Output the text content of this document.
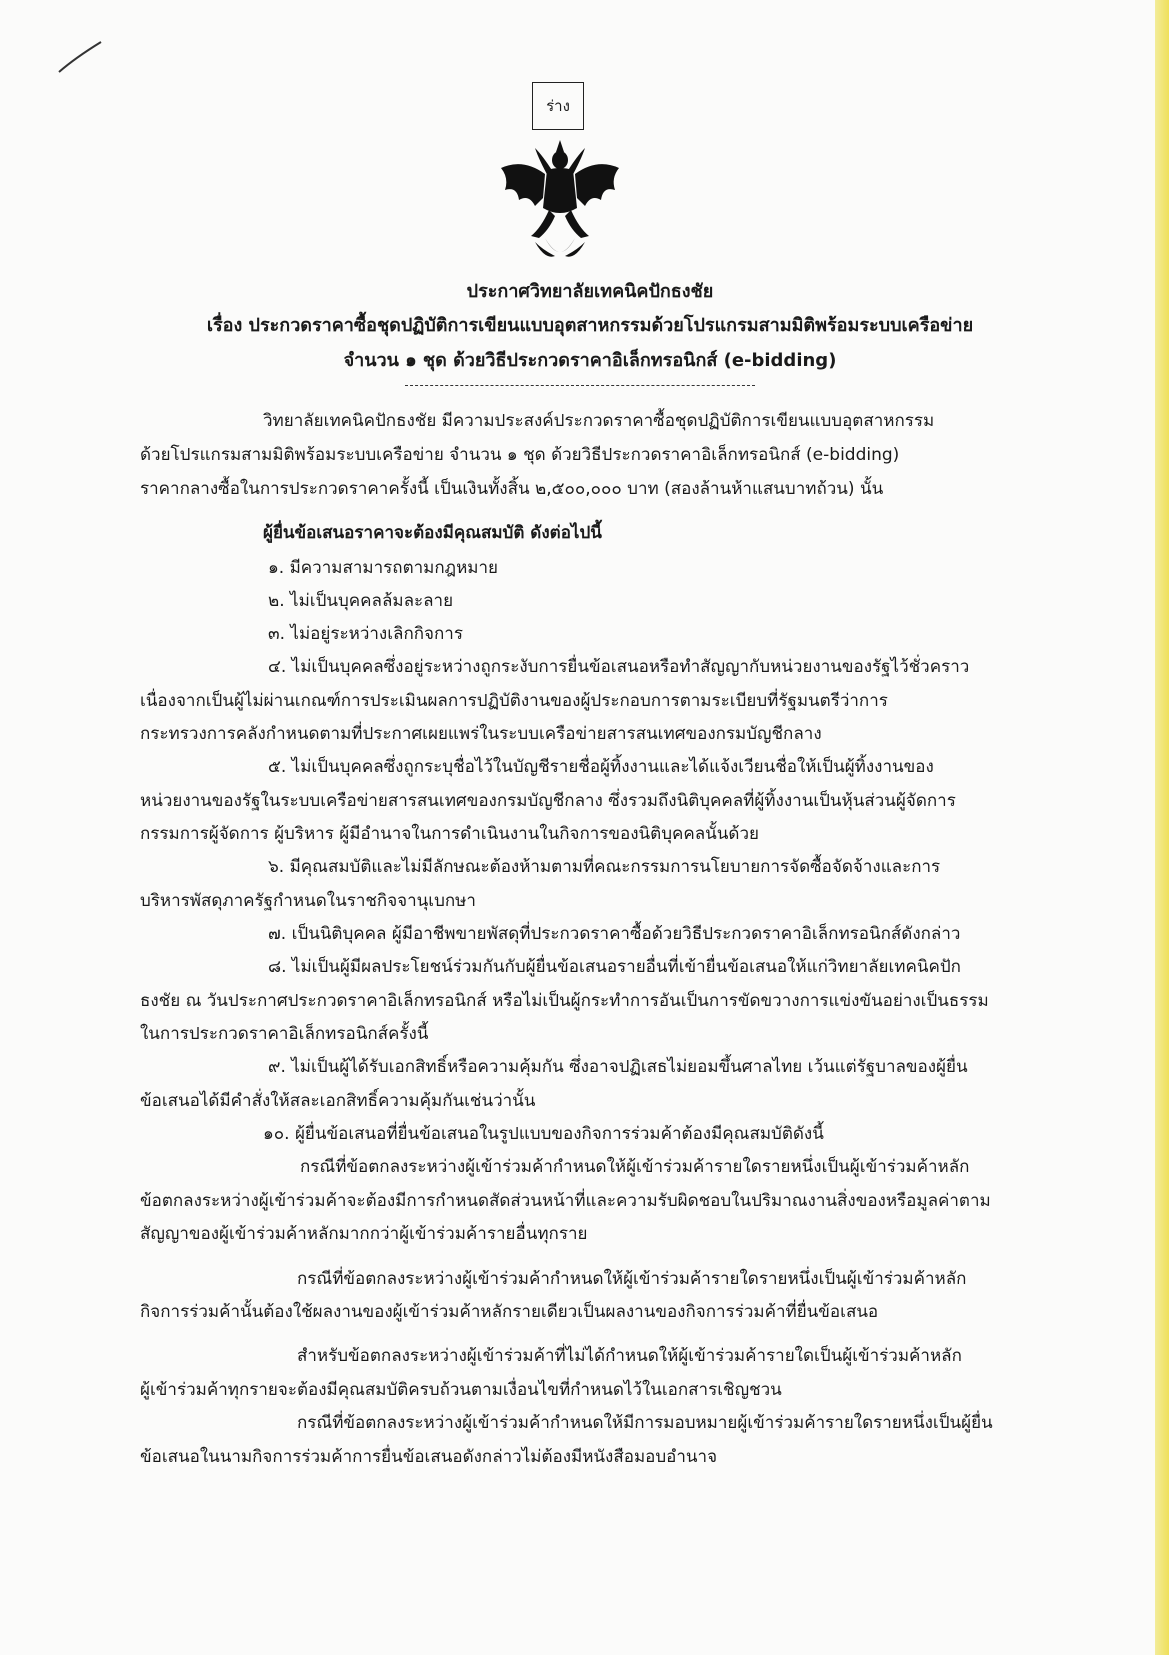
ร่าง
ประกาศวิทยาลัยเทคนิคปักธงชัย
เรื่อง ประกวดราคาซื้อชุดปฏิบัติการเขียนแบบอุตสาหกรรมด้วยโปรแกรมสามมิติพร้อมระบบเครือข่าย
จำนวน ๑ ชุด ด้วยวิธีประกวดราคาอิเล็กทรอนิกส์ (e-bidding)
วิทยาลัยเทคนิคปักธงชัย มีความประสงค์ประกวดราคาซื้อชุดปฏิบัติการเขียนแบบอุตสาหกรรม
ด้วยโปรแกรมสามมิติพร้อมระบบเครือข่าย จำนวน ๑ ชุด ด้วยวิธีประกวดราคาอิเล็กทรอนิกส์ (e-bidding)
ราคากลางซื้อในการประกวดราคาครั้งนี้ เป็นเงินทั้งสิ้น ๒,๕๐๐,๐๐๐ บาท (สองล้านห้าแสนบาทถ้วน) นั้น
ผู้ยื่นข้อเสนอราคาจะต้องมีคุณสมบัติ ดังต่อไปนี้
๑. มีความสามารถตามกฎหมาย
๒. ไม่เป็นบุคคลล้มละลาย
๓. ไม่อยู่ระหว่างเลิกกิจการ
๔. ไม่เป็นบุคคลซึ่งอยู่ระหว่างถูกระงับการยื่นข้อเสนอหรือทำสัญญากับหน่วยงานของรัฐไว้ชั่วคราว
เนื่องจากเป็นผู้ไม่ผ่านเกณฑ์การประเมินผลการปฏิบัติงานของผู้ประกอบการตามระเบียบที่รัฐมนตรีว่าการ
กระทรวงการคลังกำหนดตามที่ประกาศเผยแพร่ในระบบเครือข่ายสารสนเทศของกรมบัญชีกลาง
๕. ไม่เป็นบุคคลซึ่งถูกระบุชื่อไว้ในบัญชีรายชื่อผู้ทิ้งงานและได้แจ้งเวียนชื่อให้เป็นผู้ทิ้งงานของ
หน่วยงานของรัฐในระบบเครือข่ายสารสนเทศของกรมบัญชีกลาง ซึ่งรวมถึงนิติบุคคลที่ผู้ทิ้งงานเป็นหุ้นส่วนผู้จัดการ
กรรมการผู้จัดการ ผู้บริหาร ผู้มีอำนาจในการดำเนินงานในกิจการของนิติบุคคลนั้นด้วย
๖. มีคุณสมบัติและไม่มีลักษณะต้องห้ามตามที่คณะกรรมการนโยบายการจัดซื้อจัดจ้างและการ
บริหารพัสดุภาครัฐกำหนดในราชกิจจานุเบกษา
๗. เป็นนิติบุคคล ผู้มีอาชีพขายพัสดุที่ประกวดราคาซื้อด้วยวิธีประกวดราคาอิเล็กทรอนิกส์ดังกล่าว
๘. ไม่เป็นผู้มีผลประโยชน์ร่วมกันกับผู้ยื่นข้อเสนอรายอื่นที่เข้ายื่นข้อเสนอให้แก่วิทยาลัยเทคนิคปัก
ธงชัย ณ วันประกาศประกวดราคาอิเล็กทรอนิกส์ หรือไม่เป็นผู้กระทำการอันเป็นการขัดขวางการแข่งขันอย่างเป็นธรรม
ในการประกวดราคาอิเล็กทรอนิกส์ครั้งนี้
๙. ไม่เป็นผู้ได้รับเอกสิทธิ์หรือความคุ้มกัน ซึ่งอาจปฏิเสธไม่ยอมขึ้นศาลไทย เว้นแต่รัฐบาลของผู้ยื่น
ข้อเสนอได้มีคำสั่งให้สละเอกสิทธิ์ความคุ้มกันเช่นว่านั้น
๑๐. ผู้ยื่นข้อเสนอที่ยื่นข้อเสนอในรูปแบบของกิจการร่วมค้าต้องมีคุณสมบัติดังนี้
กรณีที่ข้อตกลงระหว่างผู้เข้าร่วมค้ากำหนดให้ผู้เข้าร่วมค้ารายใดรายหนึ่งเป็นผู้เข้าร่วมค้าหลัก
ข้อตกลงระหว่างผู้เข้าร่วมค้าจะต้องมีการกำหนดสัดส่วนหน้าที่และความรับผิดชอบในปริมาณงานสิ่งของหรือมูลค่าตาม
สัญญาของผู้เข้าร่วมค้าหลักมากกว่าผู้เข้าร่วมค้ารายอื่นทุกราย
กรณีที่ข้อตกลงระหว่างผู้เข้าร่วมค้ากำหนดให้ผู้เข้าร่วมค้ารายใดรายหนึ่งเป็นผู้เข้าร่วมค้าหลัก
กิจการร่วมค้านั้นต้องใช้ผลงานของผู้เข้าร่วมค้าหลักรายเดียวเป็นผลงานของกิจการร่วมค้าที่ยื่นข้อเสนอ
สำหรับข้อตกลงระหว่างผู้เข้าร่วมค้าที่ไม่ได้กำหนดให้ผู้เข้าร่วมค้ารายใดเป็นผู้เข้าร่วมค้าหลัก
ผู้เข้าร่วมค้าทุกรายจะต้องมีคุณสมบัติครบถ้วนตามเงื่อนไขที่กำหนดไว้ในเอกสารเชิญชวน
กรณีที่ข้อตกลงระหว่างผู้เข้าร่วมค้ากำหนดให้มีการมอบหมายผู้เข้าร่วมค้ารายใดรายหนึ่งเป็นผู้ยื่น
ข้อเสนอในนามกิจการร่วมค้าการยื่นข้อเสนอดังกล่าวไม่ต้องมีหนังสือมอบอำนาจ
